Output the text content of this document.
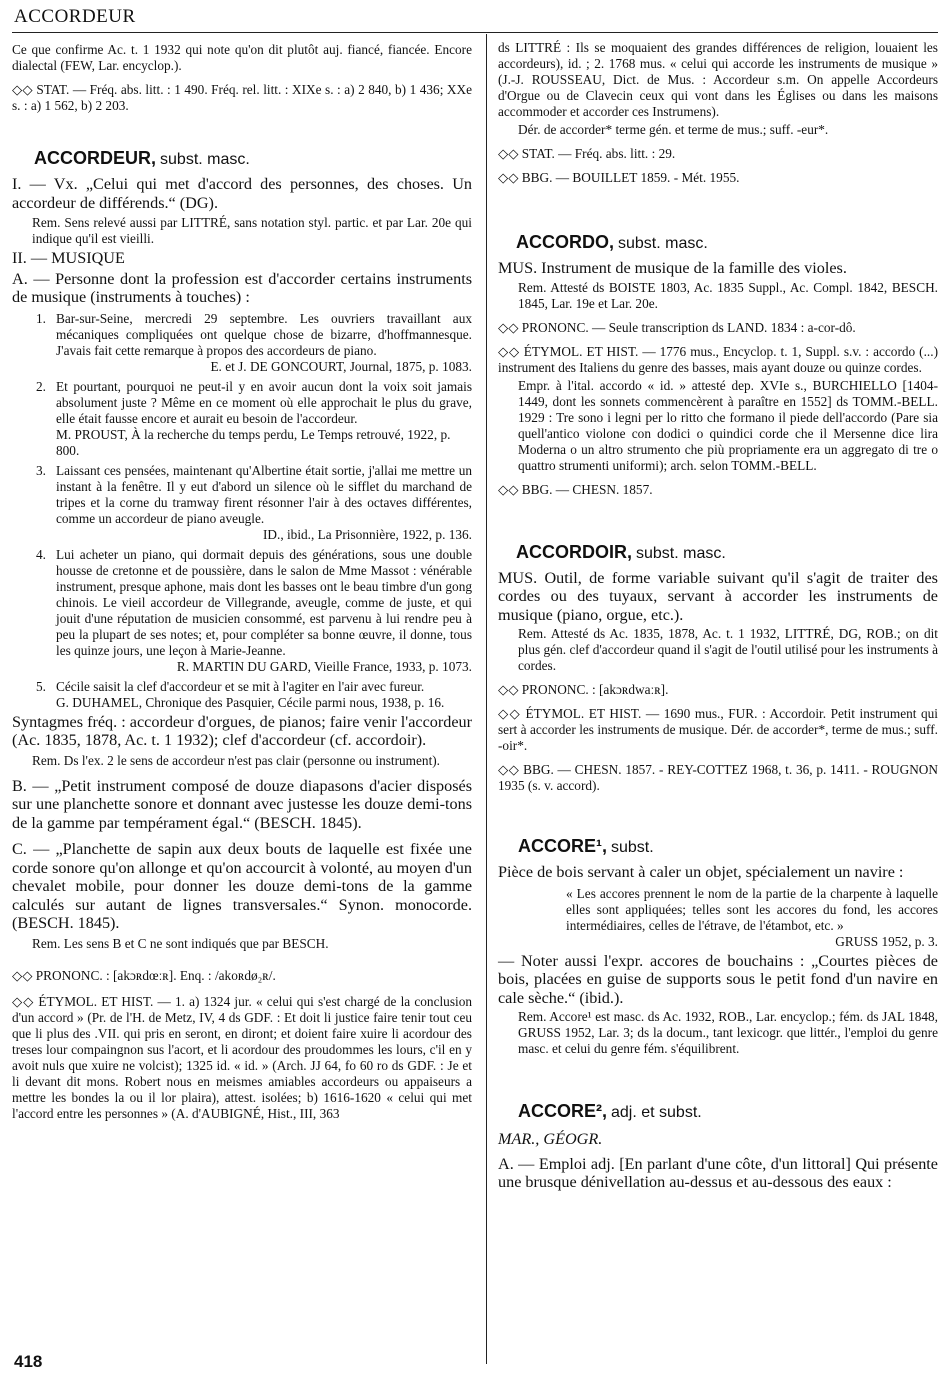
ACCORDEUR

Ce que confirme Ac. t. 1 1932 qui note qu'on dit plutôt auj. fiancé, fiancée. Encore dialectal (FEW, Lar. encyclop.).

◇◇ STAT. — Fréq. abs. litt. : 1 490. Fréq. rel. litt. : XIXe s. : a) 2 840, b) 1 436; XXe s. : a) 1 562, b) 2 203.

ACCORDEUR, subst. masc.

I. — Vx. „Celui qui met d'accord des personnes, des choses. Un accordeur de différends.“ (DG).

Rem. Sens relevé aussi par LITTRÉ, sans notation styl. partic. et par Lar. 20e qui indique qu'il est vieilli.

II. — MUSIQUE

A. — Personne dont la profession est d'accorder certains instruments de musique (instruments à touches) :

1. Bar-sur-Seine, mercredi 29 septembre. Les ouvriers travaillant aux mécaniques compliquées ont quelque chose de bizarre, d'hoffmannesque. J'avais fait cette remarque à propos des accordeurs de piano.

E. et J. DE GONCOURT, Journal, 1875, p. 1083.

2. Et pourtant, pourquoi ne peut-il y en avoir aucun dont la voix soit jamais absolument juste ? Même en ce moment où elle approchait le plus du grave, elle était fausse encore et aurait eu besoin de l'accordeur.

M. PROUST, À la recherche du temps perdu, Le Temps retrouvé, 1922, p. 800.

3. Laissant ces pensées, maintenant qu'Albertine était sortie, j'allai me mettre un instant à la fenêtre. Il y eut d'abord un silence où le sifflet du marchand de tripes et la corne du tramway firent résonner l'air à des octaves différentes, comme un accordeur de piano aveugle.

ID., ibid., La Prisonnière, 1922, p. 136.

4. Lui acheter un piano, qui dormait depuis des générations, sous une double housse de cretonne et de poussière, dans le salon de Mme Massot : vénérable instrument, presque aphone, mais dont les basses ont le beau timbre d'un gong chinois. Le vieil accordeur de Villegrande, aveugle, comme de juste, et qui jouit d'une réputation de musicien consommé, est parvenu à lui rendre peu à peu la plupart de ses notes; et, pour compléter sa bonne œuvre, il donne, tous les quinze jours, une leçon à Marie-Jeanne.

R. MARTIN DU GARD, Vieille France, 1933, p. 1073.

5. Cécile saisit la clef d'accordeur et se mit à l'agiter en l'air avec fureur.

G. DUHAMEL, Chronique des Pasquier, Cécile parmi nous, 1938, p. 16.

Syntagmes fréq. : accordeur d'orgues, de pianos; faire venir l'accordeur (Ac. 1835, 1878, Ac. t. 1 1932); clef d'accordeur (cf. accordoir).

Rem. Ds l'ex. 2 le sens de accordeur n'est pas clair (personne ou instrument).

B. — „Petit instrument composé de douze diapasons d'acier disposés sur une planchette sonore et donnant avec justesse les douze demi-tons de la gamme par tempérament égal.“ (BESCH. 1845).

C. — „Planchette de sapin aux deux bouts de laquelle est fixée une corde sonore qu'on allonge et qu'on accourcit à volonté, au moyen d'un chevalet mobile, pour donner les douze demi-tons de la gamme calculés sur autant de lignes transversales.“ Synon. monocorde. (BESCH. 1845).

Rem. Les sens B et C ne sont indiqués que par BESCH.

◇◇ PRONONC. : [akɔʀdœːʀ]. Enq. : /akoʀdø₂ʀ/.

◇◇ ÉTYMOL. ET HIST. — 1. a) 1324 jur. « celui qui s'est chargé de la conclusion d'un accord » (Pr. de l'H. de Metz, IV, 4 ds GDF. : Et doit li justice faire tenir tout ceu que li plus des .VII. qui pris en seront, en diront; et doient faire xuire li acordour des treses lour compaingnon sus l'acort, et li acordour des proudommes les lours, c'il en y avoit nuls que xuire ne volcist); 1325 id. « id. » (Arch. JJ 64, fo 60 ro ds GDF. : Je et li devant dit mons. Robert nous en meismes amiables accordeurs ou appaiseurs a mettre les bondes la ou il lor plaira), attest. isolées; b) 1616-1620 « celui qui met l'accord entre les personnes » (A. d'AUBIGNÉ, Hist., III, 363

ds LITTRÉ : Ils se moquaient des grandes différences de religion, louaient les accordeurs), id. ; 2. 1768 mus. « celui qui accorde les instruments de musique » (J.-J. ROUSSEAU, Dict. de Mus. : Accordeur s.m. On appelle Accordeurs d'Orgue ou de Clavecin ceux qui vont dans les Églises ou dans les maisons accommoder et accorder ces Instrumens).

Dér. de accorder* terme gén. et terme de mus.; suff. -eur*.

◇◇ STAT. — Fréq. abs. litt. : 29.

◇◇ BBG. — BOUILLET 1859. - Mét. 1955.

ACCORDO, subst. masc.

MUS. Instrument de musique de la famille des violes.

Rem. Attesté ds BOISTE 1803, Ac. 1835 Suppl., Ac. Compl. 1842, BESCH. 1845, Lar. 19e et Lar. 20e.

◇◇ PRONONC. — Seule transcription ds LAND. 1834 : a-cor-dô.

◇◇ ÉTYMOL. ET HIST. — 1776 mus., Encyclop. t. 1, Suppl. s.v. : accordo (...) instrument des Italiens du genre des basses, mais ayant douze ou quinze cordes.

Empr. à l'ital. accordo « id. » attesté dep. XVIe s., BURCHIELLO [1404-1449, dont les sonnets commencèrent à paraître en 1552] ds TOMM.-BELL. 1929 : Tre sono i legni per lo ritto che formano il piede dell'accordo (Pare sia quell'antico violone con dodici o quindici corde che il Mersenne dice lira Moderna o un altro strumento che più propriamente era un aggregato di tre o quattro strumenti uniformi); arch. selon TOMM.-BELL.

◇◇ BBG. — CHESN. 1857.

ACCORDOIR, subst. masc.

MUS. Outil, de forme variable suivant qu'il s'agit de traiter des cordes ou des tuyaux, servant à accorder les instruments de musique (piano, orgue, etc.).

Rem. Attesté ds Ac. 1835, 1878, Ac. t. 1 1932, LITTRÉ, DG, ROB.; on dit plus gén. clef d'accordeur quand il s'agit de l'outil utilisé pour les instruments à cordes.

◇◇ PRONONC. : [akɔʀdwaːʀ].

◇◇ ÉTYMOL. ET HIST. — 1690 mus., FUR. : Accordoir. Petit instrument qui sert à accorder les instruments de musique. Dér. de accorder*, terme de mus.; suff. -oir*.

◇◇ BBG. — CHESN. 1857. - REY-COTTEZ 1968, t. 36, p. 1411. - ROUGNON 1935 (s. v. accord).

ACCORE¹, subst.

Pièce de bois servant à caler un objet, spécialement un navire :

« Les accores prennent le nom de la partie de la charpente à laquelle elles sont appliquées; telles sont les accores du fond, les accores intermédiaires, celles de l'étrave, de l'étambot, etc. »

GRUSS 1952, p. 3.

— Noter aussi l'expr. accores de bouchains : „Courtes pièces de bois, placées en guise de supports sous le petit fond d'un navire en cale sèche.“ (ibid.).

Rem. Accore¹ est masc. ds Ac. 1932, ROB., Lar. encyclop.; fém. ds JAL 1848, GRUSS 1952, Lar. 3; ds la docum., tant lexicogr. que littér., l'emploi du genre masc. et celui du genre fém. s'équilibrent.

ACCORE², adj. et subst.

MAR., GÉOGR.

A. — Emploi adj. [En parlant d'une côte, d'un littoral] Qui présente une brusque dénivellation au-dessus et au-dessous des eaux :

418
